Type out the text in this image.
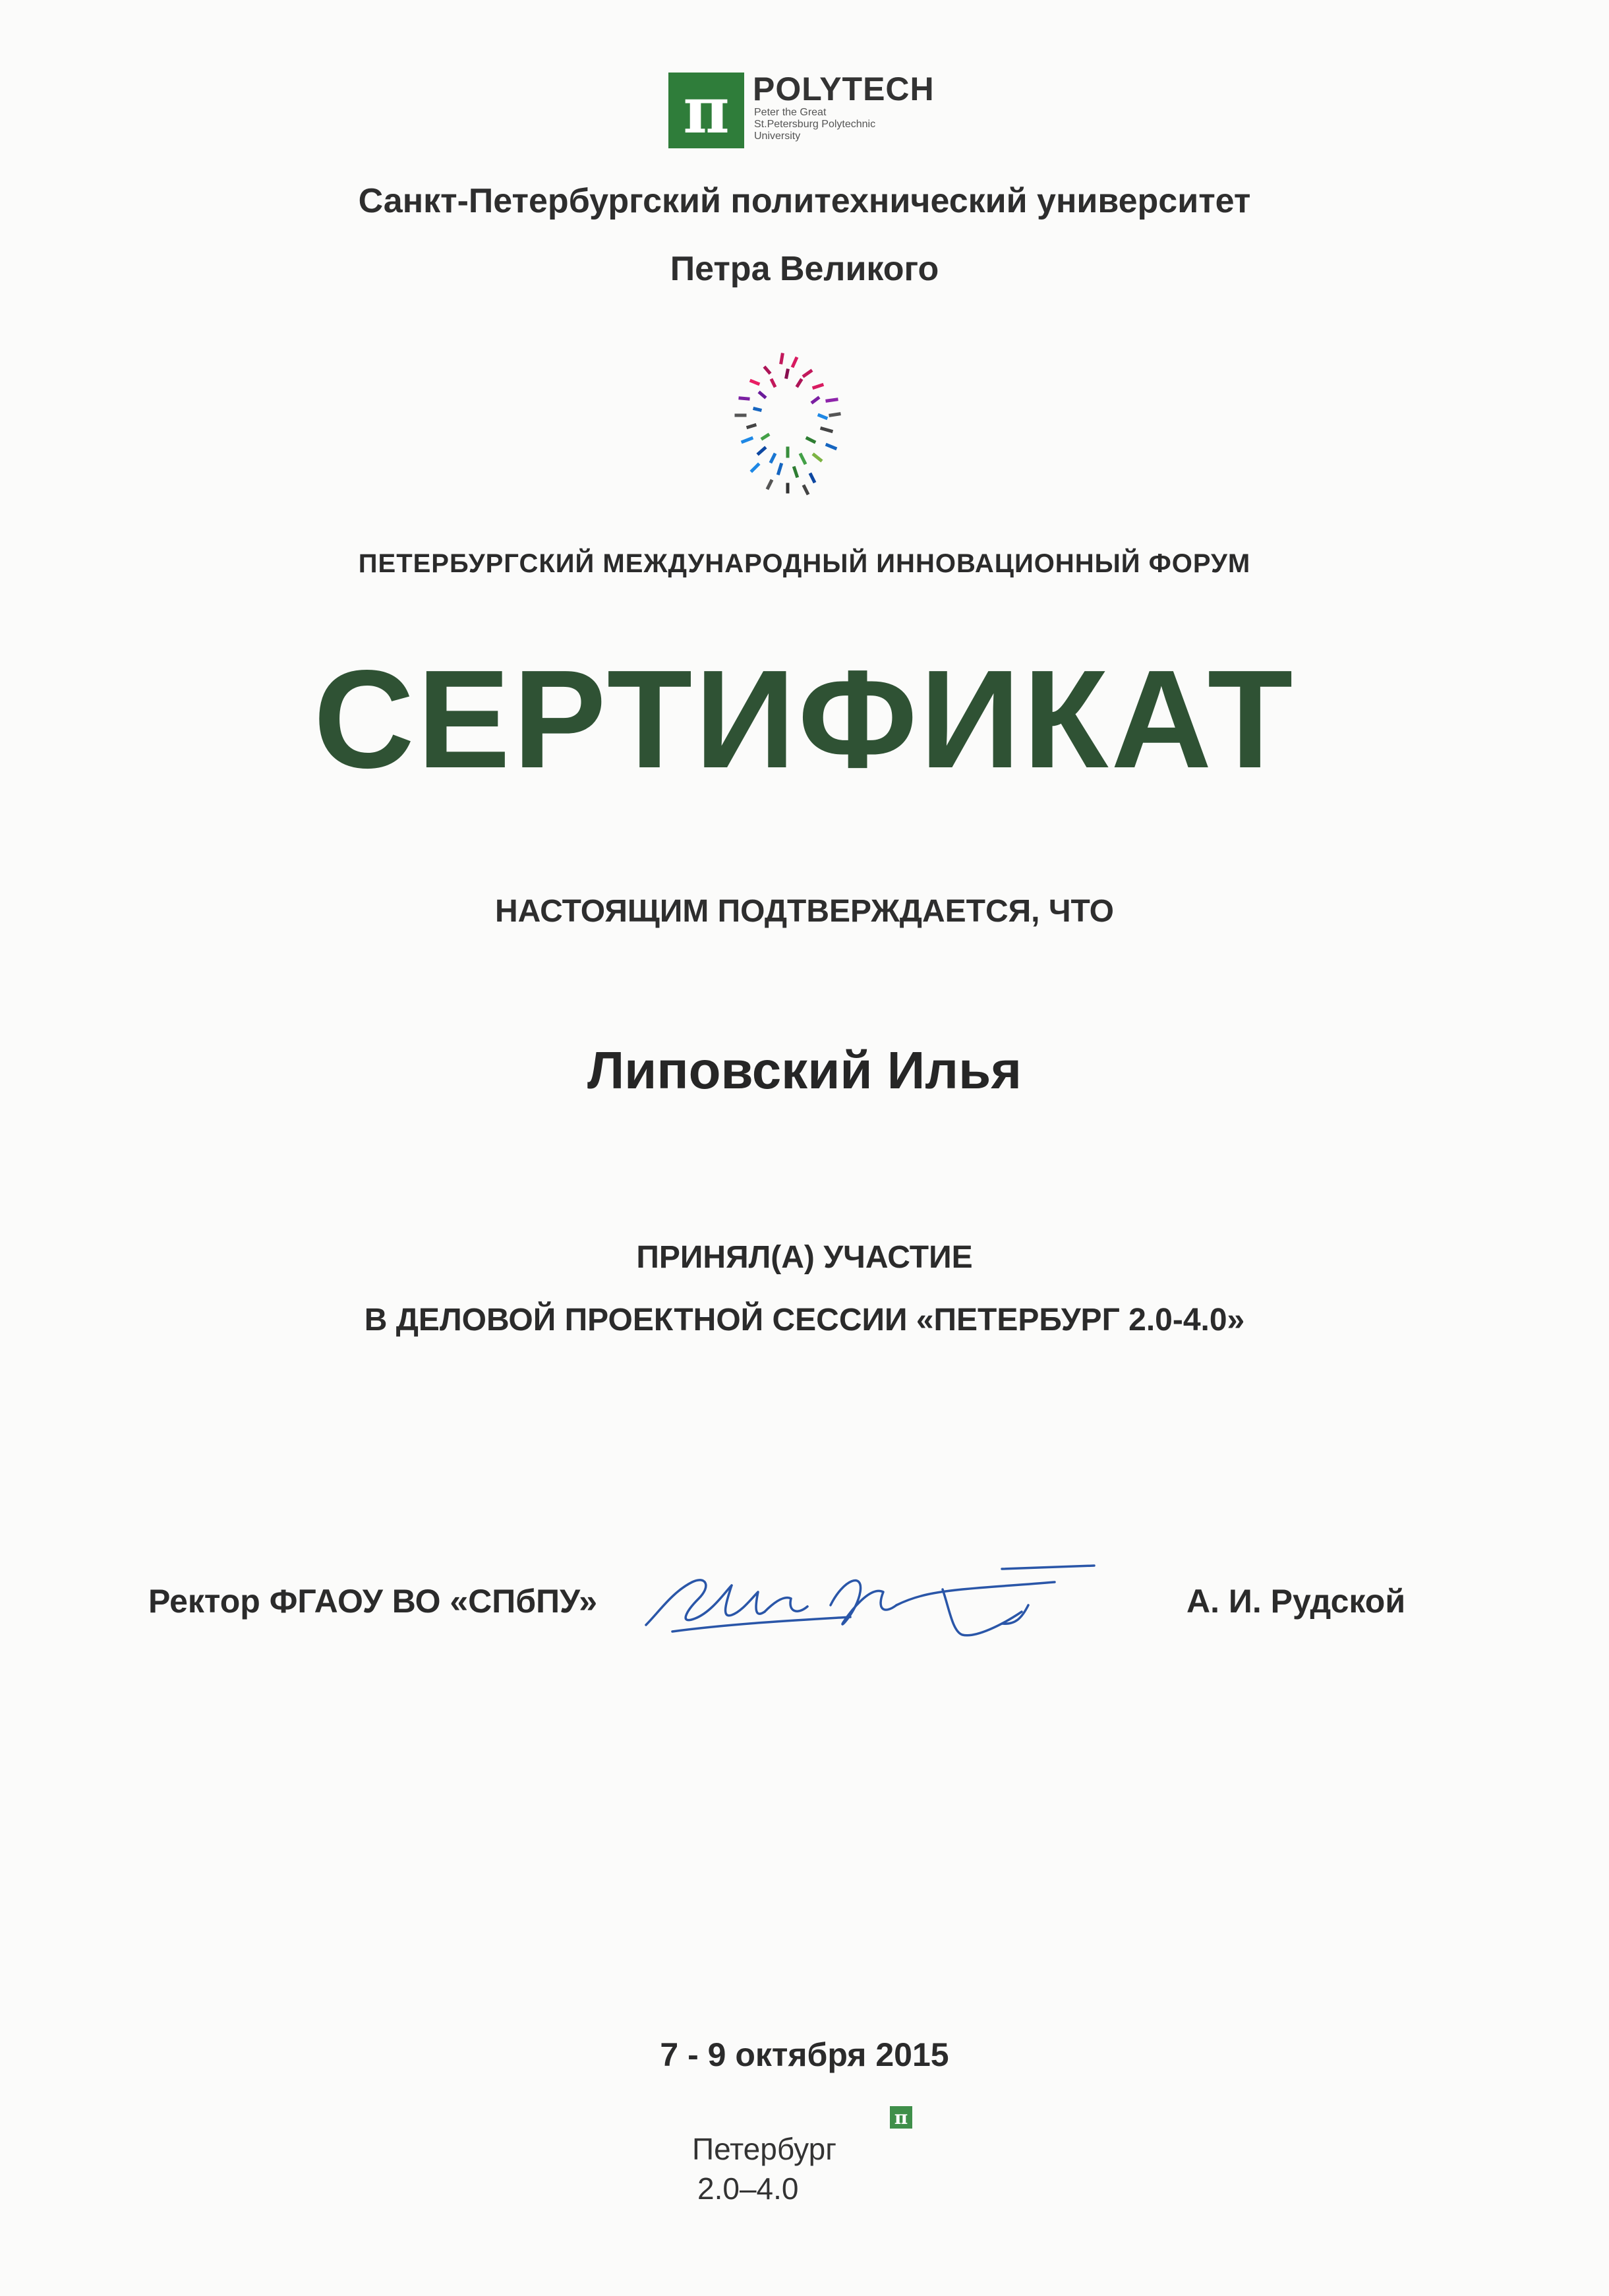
π POLYTECH
Peter the Great
St.Petersburg Polytechnic
University
Санкт-Петербургский политехнический университет
Петра Великого
ПЕТЕРБУРГСКИЙ МЕЖДУНАРОДНЫЙ ИННОВАЦИОННЫЙ ФОРУМ
СЕРТИФИКАТ
НАСТОЯЩИМ ПОДТВЕРЖДАЕТСЯ, ЧТО
Липовский Илья
ПРИНЯЛ(А) УЧАСТИЕ
В ДЕЛОВОЙ ПРОЕКТНОЙ СЕССИИ «ПЕТЕРБУРГ 2.0-4.0»
Ректор ФГАОУ ВО «СПбПУ»	А. И. Рудской
7 - 9 октября 2015
π
Петербург
2.0–4.0
